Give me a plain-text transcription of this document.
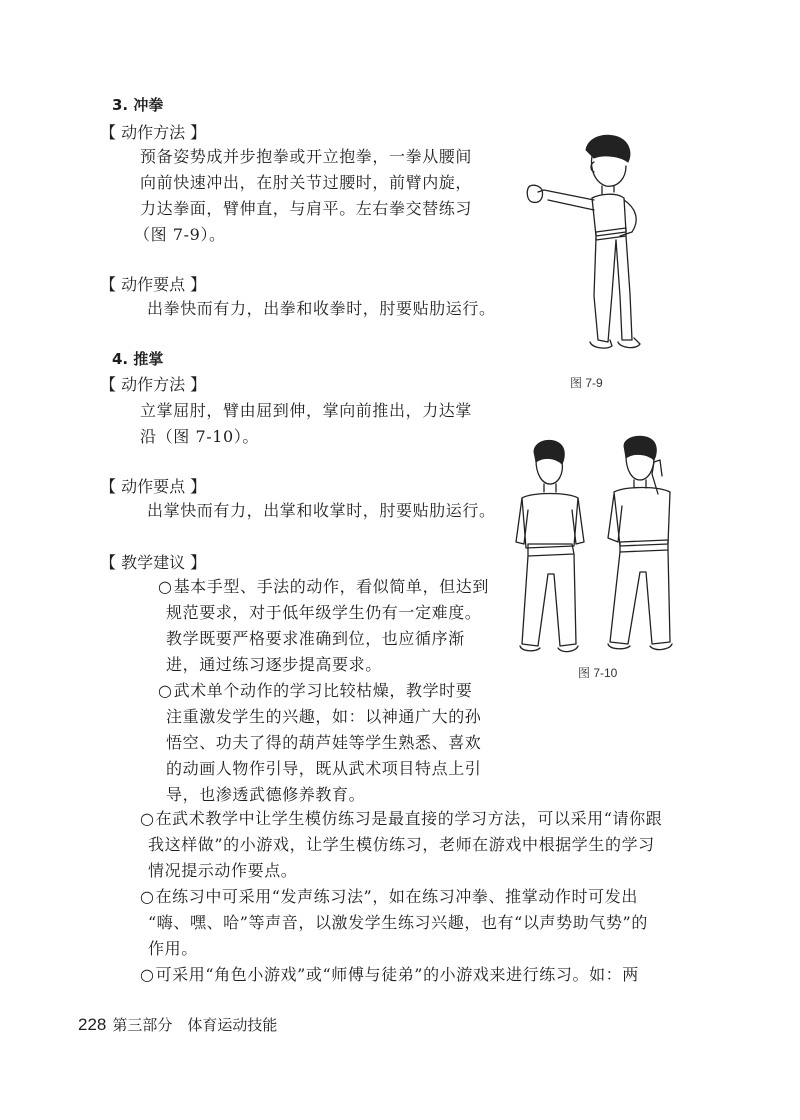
3. 冲拳
【 动作方法 】
预备姿势成并步抱拳或开立抱拳，一拳从腰间
向前快速冲出，在肘关节过腰时，前臂内旋，
力达拳面，臂伸直，与肩平。左右拳交替练习
（图 7-9）。
【 动作要点 】
出拳快而有力，出拳和收拳时，肘要贴肋运行。
4. 推掌
【 动作方法 】
立掌屈肘，臂由屈到伸，掌向前推出，力达掌
沿（图 7-10）。
【 动作要点 】
出掌快而有力，出掌和收掌时，肘要贴肋运行。
【 教学建议 】
○基本手型、手法的动作，看似简单，但达到
规范要求，对于低年级学生仍有一定难度。
教学既要严格要求准确到位，也应循序渐
进，通过练习逐步提高要求。
○武术单个动作的学习比较枯燥，教学时要
注重激发学生的兴趣，如：以神通广大的孙
悟空、功夫了得的葫芦娃等学生熟悉、喜欢
的动画人物作引导，既从武术项目特点上引
导，也渗透武德修养教育。
○在武术教学中让学生模仿练习是最直接的学习方法，可以采用“请你跟
我这样做”的小游戏，让学生模仿练习，老师在游戏中根据学生的学习
情况提示动作要点。
○在练习中可采用“发声练习法”，如在练习冲拳、推掌动作时可发出
“嗨、嘿、哈”等声音，以激发学生练习兴趣，也有“以声势助气势”的
作用。
○可采用“角色小游戏”或“师傅与徒弟”的小游戏来进行练习。如：两
图 7-9
图 7-10
228 第三部分　体育运动技能
